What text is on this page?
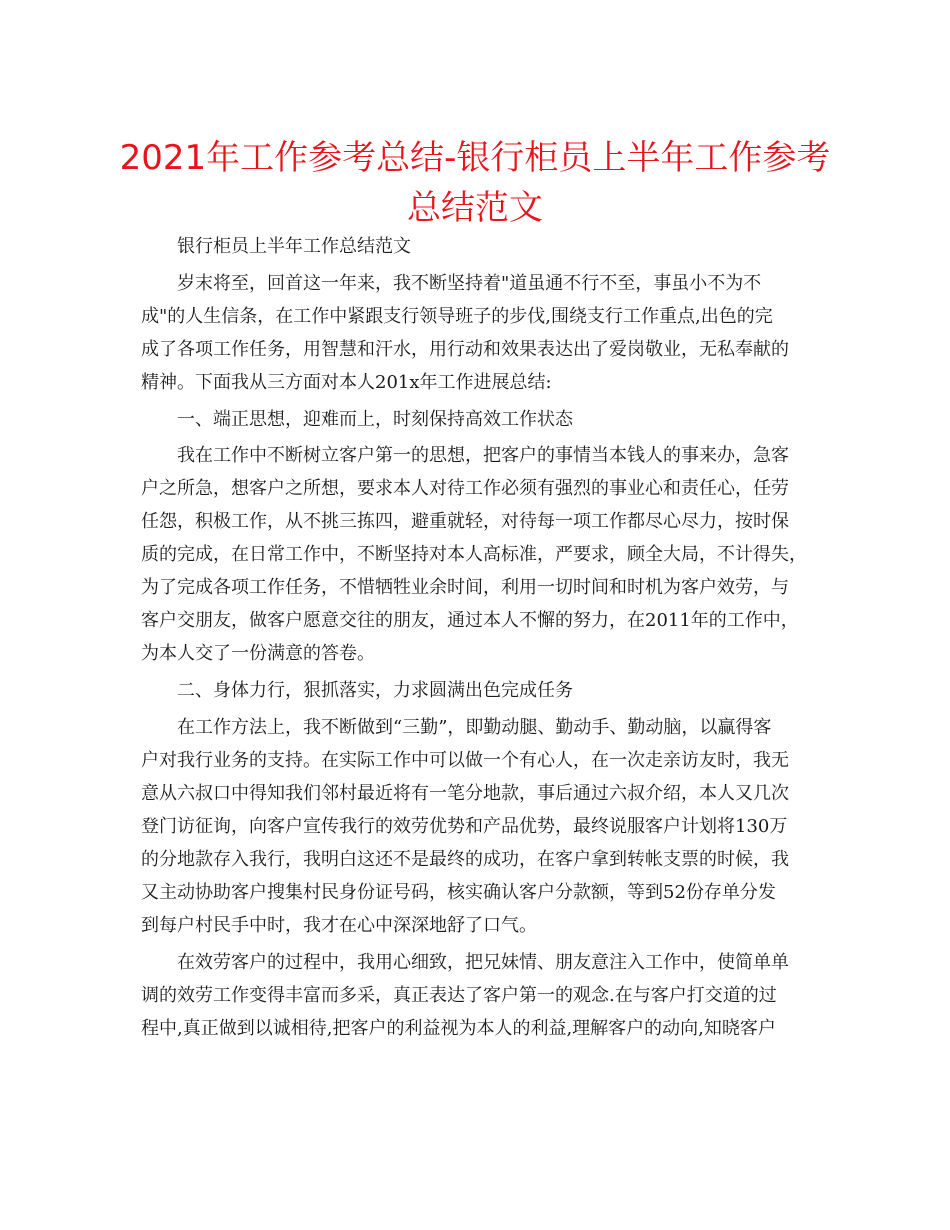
2021年工作参考总结-银行柜员上半年工作参考
总结范文
银行柜员上半年工作总结范文
岁末将至，回首这一年来，我不断坚持着"道虽通不行不至，事虽小不为不
成"的人生信条，在工作中紧跟支行领导班子的步伐,围绕支行工作重点,出色的完
成了各项工作任务，用智慧和汗水，用行动和效果表达出了爱岗敬业，无私奉献的
精神。下面我从三方面对本人201x年工作进展总结:
一、端正思想，迎难而上，时刻保持高效工作状态
我在工作中不断树立客户第一的思想，把客户的事情当本钱人的事来办，急客
户之所急，想客户之所想，要求本人对待工作必须有强烈的事业心和责任心，任劳
任怨，积极工作，从不挑三拣四，避重就轻，对待每一项工作都尽心尽力，按时保
质的完成，在日常工作中，不断坚持对本人高标准，严要求，顾全大局，不计得失，
为了完成各项工作任务，不惜牺牲业余时间，利用一切时间和时机为客户效劳，与
客户交朋友，做客户愿意交往的朋友，通过本人不懈的努力，在2011年的工作中，
为本人交了一份满意的答卷。
二、身体力行，狠抓落实，力求圆满出色完成任务
在工作方法上，我不断做到“三勤”，即勤动腿、勤动手、勤动脑，以赢得客
户对我行业务的支持。在实际工作中可以做一个有心人，在一次走亲访友时，我无
意从六叔口中得知我们邻村最近将有一笔分地款，事后通过六叔介绍，本人又几次
登门访征询，向客户宣传我行的效劳优势和产品优势，最终说服客户计划将130万
的分地款存入我行，我明白这还不是最终的成功，在客户拿到转帐支票的时候，我
又主动协助客户搜集村民身份证号码，核实确认客户分款额，等到52份存单分发
到每户村民手中时，我才在心中深深地舒了口气。
在效劳客户的过程中，我用心细致，把兄妹情、朋友意注入工作中，使简单单
调的效劳工作变得丰富而多采，真正表达了客户第一的观念.在与客户打交道的过
程中,真正做到以诚相待,把客户的利益视为本人的利益,理解客户的动向,知晓客户
